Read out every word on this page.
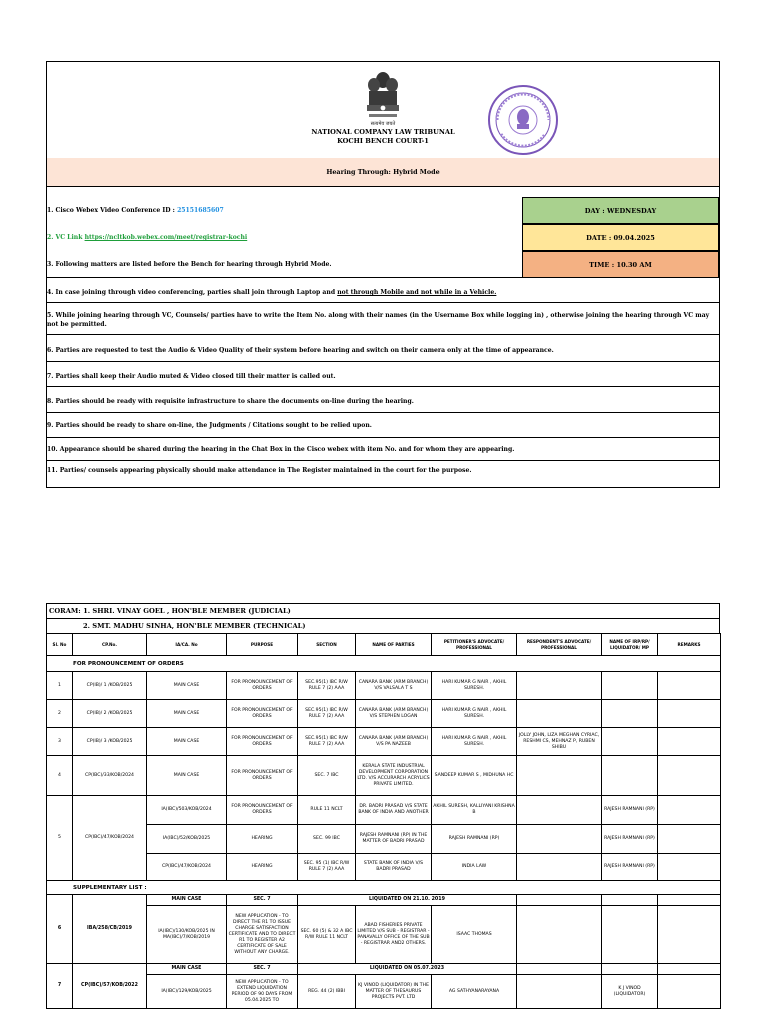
सत्यमेव जयते
NATIONAL COMPANY LAW TRIBUNAL
KOCHI BENCH COURT-1
Hearing Through: Hybrid Mode
DAY : WEDNESDAY
DATE : 09.04.2025
TIME : 10.30 AM
1. Cisco Webex Video Conference ID : 25151685607
2. VC Link https://ncltkob.webex.com/meet/registrar-kochi
3. Following matters are listed before the Bench for hearing through Hybrid Mode.
4. In case joining through video conferencing, parties shall join through Laptop and not through Mobile and not while in a Vehicle.
5. While joining hearing through VC, Counsels/ parties have to write the Item No. along with their names (in the Username Box while logging in) , otherwise joining the hearing through VC may not be permitted.
6. Parties are requested to test the Audio & Video Quality of their system before hearing and switch on their camera only at the time of appearance.
7. Parties shall keep their Audio muted & Video closed till their matter is called out.
8. Parties should be ready with requisite infrastructure to share the documents on-line during the hearing.
9. Parties should be ready to share on-line, the Judgments / Citations sought to be relied upon.
10. Appearance should be shared during the hearing in the Chat Box in the Cisco webex with item No. and for whom they are appearing.
11. Parties/ counsels appearing physically should make attendance in The Register maintained in the court for the purpose.
CORAM: 1. SHRI. VINAY GOEL , HON'BLE MEMBER (JUDICIAL)
2. SMT. MADHU SINHA, HON'BLE MEMBER (TECHNICAL)
Sl. No	CP.No.	IA/CA. No	PURPOSE	SECTION	NAME OF PARTIES	PETITIONER'S ADVOCATE/ PROFESSIONAL	RESPONDENT'S ADVOCATE/ PROFESSIONAL	NAME OF IRP/RP/ LIQUIDATOR/ MP	REMARKS
FOR PRONOUNCEMENT OF ORDERS									
1	CP(IB)/ 1 /KOB/2025	MAIN CASE	FOR PRONOUNCEMENT OF ORDERS	SEC.95(1) IBC R/W RULE 7 (2) AAA	CANARA BANK (ARM BRANCH) V/S VALSALA T S	HARI KUMAR G NAIR , AKHIL SURESH.			
2	CP(IB)/ 2 /KOB/2025	MAIN CASE	FOR PRONOUNCEMENT OF ORDERS	SEC.95(1) IBC R/W RULE 7 (2) AAA	CANARA BANK (ARM BRANCH) V/S STEPHEN LOGAN	HARI KUMAR G NAIR , AKHIL SURESH.			
3	CP(IB)/ 3 /KOB/2025	MAIN CASE	FOR PRONOUNCEMENT OF ORDERS	SEC.95(1) IBC R/W RULE 7 (2) AAA	CANARA BANK (ARM BRANCH) V/S PA NAZEEB	HARI KUMAR G NAIR , AKHIL SURESH.	JOLLY JOHN, LIZA MEGHAN CYRIAC, RESHMI CS, MEHNAZ P, RUBEN SHIBU		
4	CP(IBC)/33/KOB/2024	MAIN CASE	FOR PRONOUNCEMENT OF ORDERS	SEC. 7 IBC	KERALA STATE INDUSTRIAL DEVELOPMENT CORPORATION LTD. V/S ACCURARCH ACRYLICS PRIVATE LIMITED.	SANDEEP KUMAR S , MIDHUNA HC			
5	CP(IBC)/47/KOB/2024	IA(IBC)/503/KOB/2024	FOR PRONOUNCEMENT OF ORDERS	RULE 11 NCLT	DR. BADRI PRASAD V/S STATE BANK OF INDIA AND ANOTHER	AKHIL SURESH, KALLIYANI KRISHNA B		RAJESH RAMNANI (RP)	
		IA(IBC)/52/KOB/2025	HEARING	SEC. 99 IBC	RAJESH RAMNANI (RP) IN THE MATTER OF BADRI PRASAD	RAJESH RAMNANI (RP)		RAJESH RAMNANI (RP)	
		CP(IBC)/47/KOB/2024	HEARING	SEC. 95 (1) IBC R/W RULE 7 (2) AAA	STATE BANK OF INDIA V/S BADRI PRASAD	INDIA LAW		RAJESH RAMNANI (RP)	
SUPPLEMENTARY LIST :									
6	IBA/258/CB/2019	MAIN CASE	SEC. 7	LIQUIDATED ON 21.10. 2019					
		IA(IBC)/130/KOB/2025 IN MA(IBC)/7/KOB/2019	NEW APPLICATION - TO DIRECT THE R1 TO ISSUE CHARGE SATISFACTION CERTIFICATE AND TO DIRECT R1 TO REGISTER A2 CERTIFICATE OF SALE WITHOUT ANY CHARGE.	SEC. 60 (5) & 32 A IBC R/W RULE 11 NCLT	ABAD FISHERIES PRIVATE LIMITED V/S SUB - REGISTRAR - PANAVALLY OFFICE OF THE SUB - REGISTRAR AND2 OTHERS.	ISAAC THOMAS			
7	CP(IBC)/57/KOB/2022	MAIN CASE	SEC. 7	LIQUIDATED ON 05.07.2023					
		IA(IBC)/129/KOB/2025	NEW APPLICATION - TO EXTEND LIQUIDATION PERIOD OF 90 DAYS FROM 05.04.2025 TO	REG. 44 (2) IBBI	KJ VINOD (LIQUIDATOR) IN THE MATTER OF THESAURUS PROJECTS PVT. LTD	AG SATHYANARAYANA		K J VINOD (LIQUIDATOR)	
